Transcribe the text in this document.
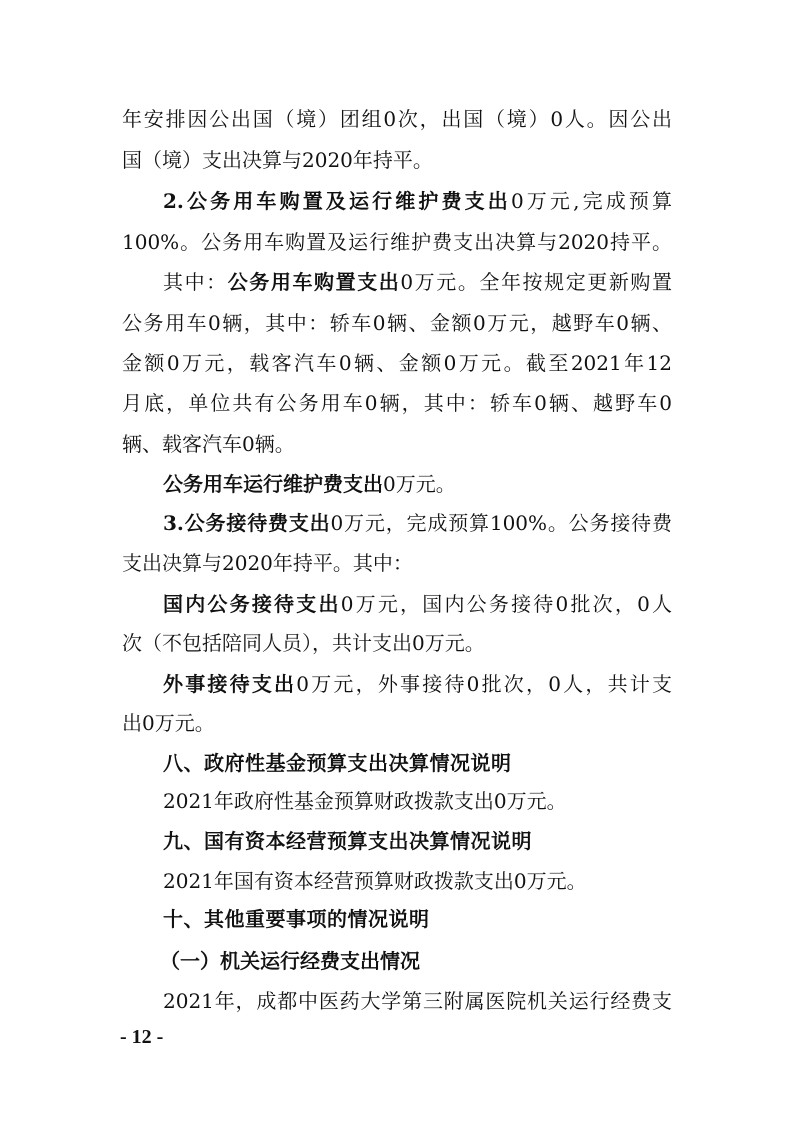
年安排因公出国（境）团组0次，出国（境）0人。因公出
国（境）支出决算与2020年持平。
2.公务用车购置及运行维护费支出0万元,完成预算
100%。公务用车购置及运行维护费支出决算与2020持平。
其中：公务用车购置支出0万元。全年按规定更新购置
公务用车0辆，其中：轿车0辆、金额0万元，越野车0辆、
金额0万元，载客汽车0辆、金额0万元。截至2021年12
月底，单位共有公务用车0辆，其中：轿车0辆、越野车0
辆、载客汽车0辆。
公务用车运行维护费支出0万元。
3.公务接待费支出0万元，完成预算100%。公务接待费
支出决算与2020年持平。其中：
国内公务接待支出0万元，国内公务接待0批次，0人
次（不包括陪同人员），共计支出0万元。
外事接待支出0万元，外事接待0批次，0人，共计支
出0万元。
八、政府性基金预算支出决算情况说明
2021年政府性基金预算财政拨款支出0万元。
九、国有资本经营预算支出决算情况说明
2021年国有资本经营预算财政拨款支出0万元。
十、其他重要事项的情况说明
（一）机关运行经费支出情况
2021年，成都中医药大学第三附属医院机关运行经费支
- 12 -
